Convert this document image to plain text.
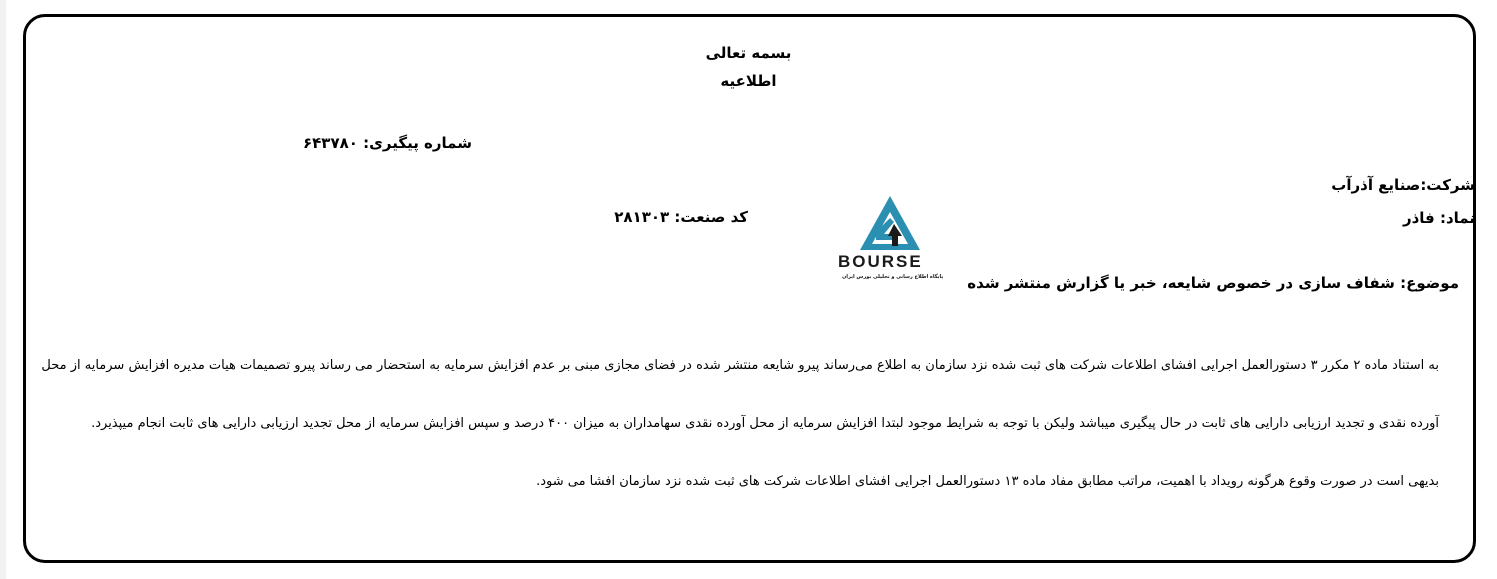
بسمه تعالی
اطلاعیه
شماره پیگیری: ۶۴۳۷۸۰
شرکت:صنایع آذرآب
نماد: فاذر
کد صنعت: ۲۸۱۳۰۳
موضوع: شفاف سازی در خصوص شایعه، خبر یا گزارش منتشر شده
BOURSE
پایگاه اطلاع رسانی و تحلیلی بورس ایران
به استناد ماده ۲ مکرر ۳ دستورالعمل اجرایی افشای اطلاعات شرکت های ثبت شده نزد سازمان به اطلاع می‌رساند پیرو شایعه منتشر شده در فضای مجازی مبنی بر عدم افزایش سرمایه به استحضار می رساند پیرو تصمیمات هیات مدیره افزایش سرمایه از محل
آورده نقدی و تجدید ارزیابی دارایی های ثابت در حال پیگیری میباشد ولیکن با توجه به شرایط موجود لبتدا افزایش سرمایه از محل آورده نقدی سهامداران به میزان ۴۰۰ درصد و سپس افزایش سرمایه از محل تجدید ارزیابی دارایی های ثابت انجام میپذیرد.
بدیهی است در صورت وقوع هرگونه رویداد با اهمیت، مراتب مطابق مفاد ماده ۱۳ دستورالعمل اجرایی افشای اطلاعات شرکت های ثبت شده نزد سازمان افشا می شود.
